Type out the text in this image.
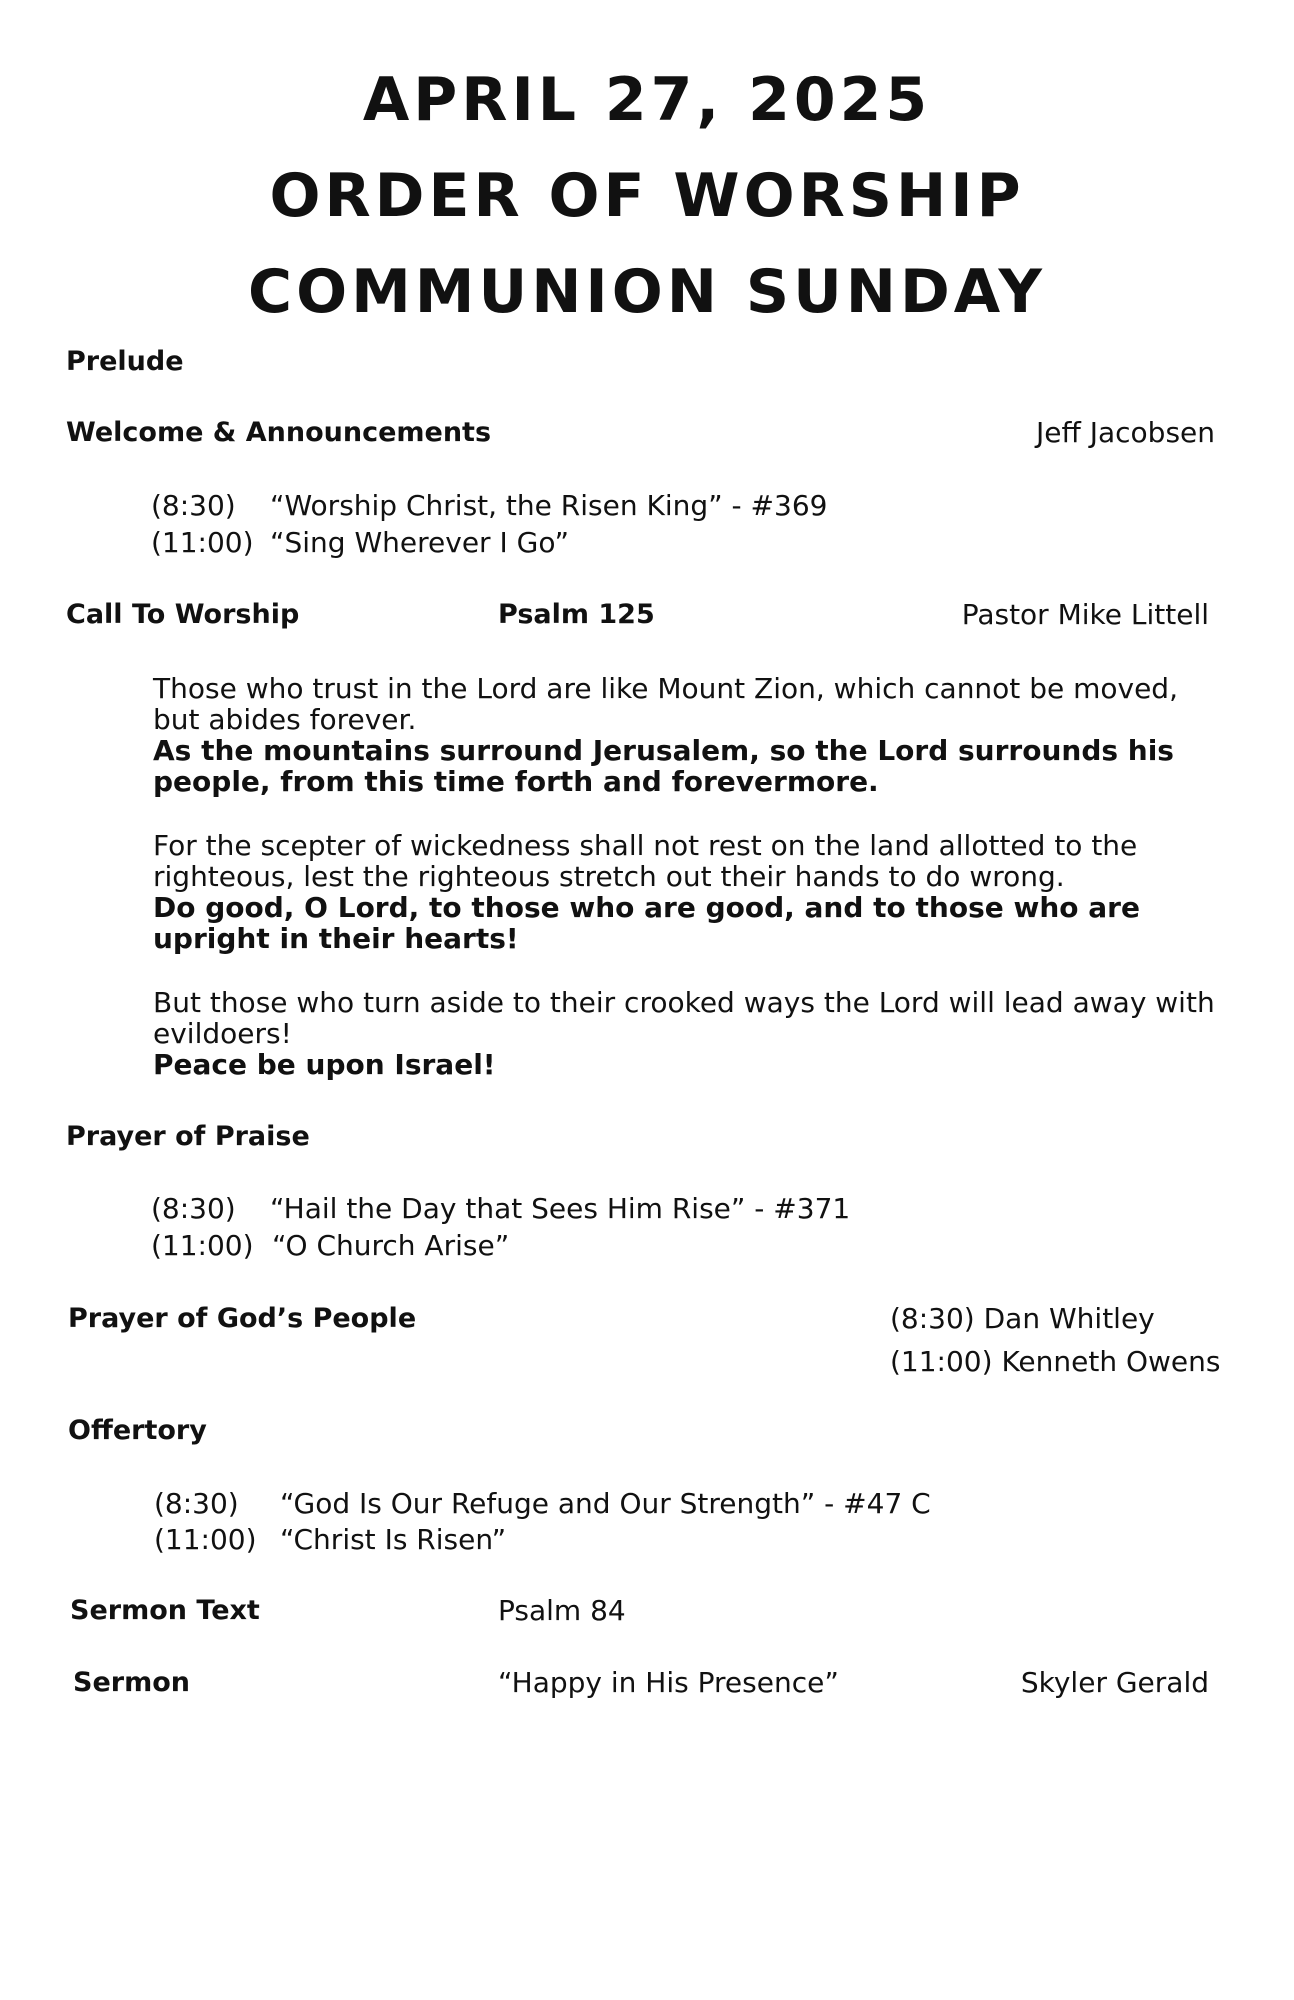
APRIL 27, 2025
ORDER OF WORSHIP
COMMUNION SUNDAY
Prelude
Welcome & Announcements	Jeff Jacobsen
(8:30) “Worship Christ, the Risen King” - #369
(11:00) “Sing Wherever I Go”
Call To Worship	Psalm 125	Pastor Mike Littell
Those who trust in the Lord are like Mount Zion, which cannot be moved, but abides forever.
As the mountains surround Jerusalem, so the Lord surrounds his people, from this time forth and forevermore.
For the scepter of wickedness shall not rest on the land allotted to the righteous, lest the righteous stretch out their hands to do wrong.
Do good, O Lord, to those who are good, and to those who are upright in their hearts!
But those who turn aside to their crooked ways the Lord will lead away with evildoers!
Peace be upon Israel!
Prayer of Praise
(8:30) “Hail the Day that Sees Him Rise” - #371
(11:00) “O Church Arise”
Prayer of God’s People	(8:30) Dan Whitley
(11:00) Kenneth Owens
Offertory
(8:30) “God Is Our Refuge and Our Strength” - #47 C
(11:00) “Christ Is Risen”
Sermon Text	Psalm 84
Sermon	“Happy in His Presence”	Skyler Gerald
